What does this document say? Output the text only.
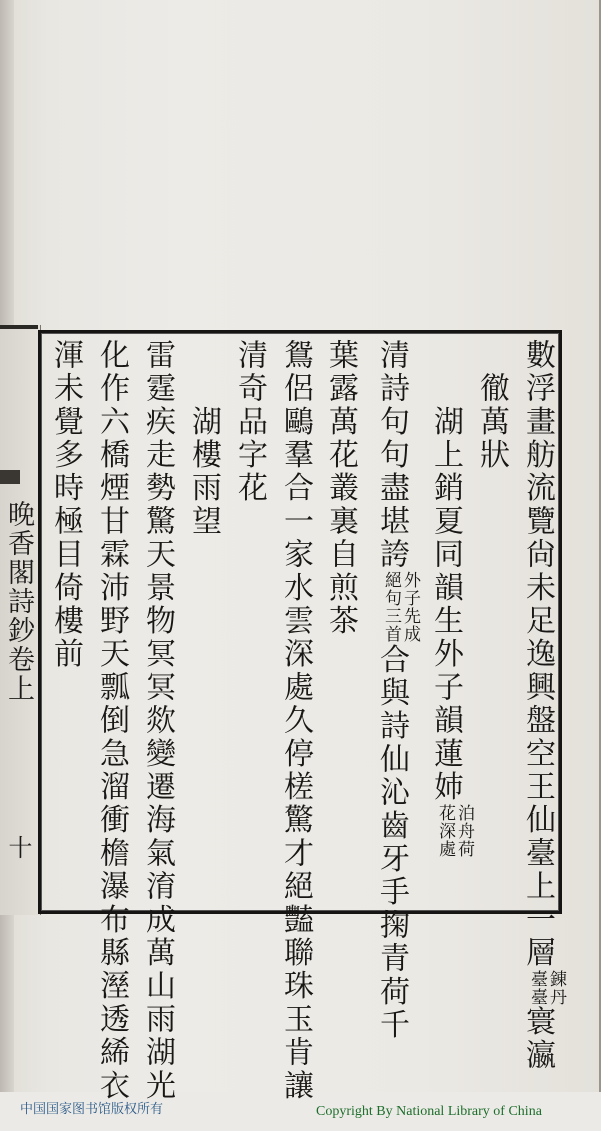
晚香閣詩鈔卷上
十	數浮畫舫流覽尙未足逸興盤空王仙臺上一層
錬丹
臺臺
寰瀛
　徹萬狀
　　湖上銷夏同韻生外子韻蓮姉
泊舟荷
花深處
清詩句句盡堪誇
外子先成
絕句三首
合與詩仙沁齒牙手掬青荷千
葉露萬花叢裏自煎茶
鴛侶鷗羣合一家水雲深處久停槎驚才絕豔聯珠玉肯讓
清奇品字花
　　湖樓雨望
雷霆疾走勢驚天景物冥冥欻變遷海氣淯成萬山雨湖光
化作六橋煙甘霖沛野天瓢倒急溜衝檐瀑布縣溼透絺衣
渾未覺多時極目倚樓前
中国国家图书馆版权所有	Copyright By National Library of China
